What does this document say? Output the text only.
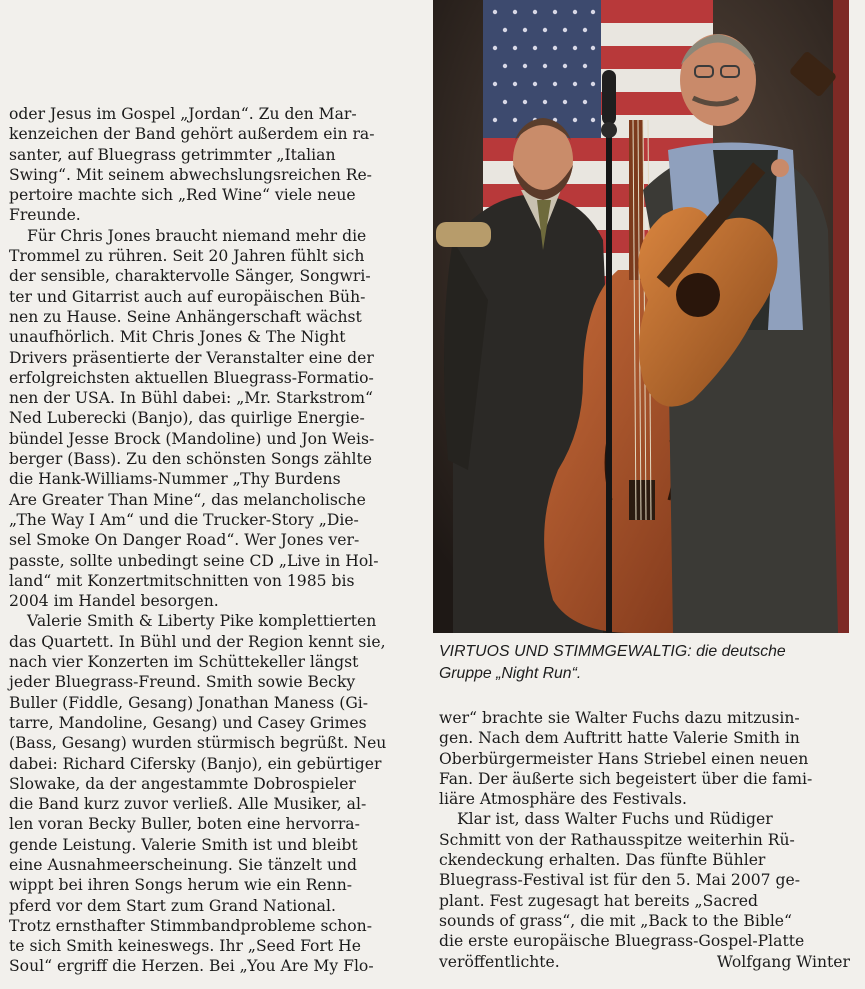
oder Jesus im Gospel „Jordan“. Zu den Mar-
kenzeichen der Band gehört außerdem ein ra-
santer, auf Bluegrass getrimmter „Italian
Swing“. Mit seinem abwechslungsreichen Re-
pertoire machte sich „Red Wine“ viele neue
Freunde.

Für Chris Jones braucht niemand mehr die
Trommel zu rühren. Seit 20 Jahren fühlt sich
der sensible, charaktervolle Sänger, Songwri-
ter und Gitarrist auch auf europäischen Büh-
nen zu Hause. Seine Anhängerschaft wächst
unaufhörlich. Mit Chris Jones & The Night
Drivers präsentierte der Veranstalter eine der
erfolgreichsten aktuellen Bluegrass-Formatio-
nen der USA. In Bühl dabei: „Mr. Starkstrom“
Ned Luberecki (Banjo), das quirlige Energie-
bündel Jesse Brock (Mandoline) und Jon Weis-
berger (Bass). Zu den schönsten Songs zählte
die Hank-Williams-Nummer „Thy Burdens
Are Greater Than Mine“, das melancholische
„The Way I Am“ und die Trucker-Story „Die-
sel Smoke On Danger Road“. Wer Jones ver-
passte, sollte unbedingt seine CD „Live in Hol-
land“ mit Konzertmitschnitten von 1985 bis
2004 im Handel besorgen.

Valerie Smith & Liberty Pike komplettierten
das Quartett. In Bühl und der Region kennt sie,
nach vier Konzerten im Schüttekeller längst
jeder Bluegrass-Freund. Smith sowie Becky
Buller (Fiddle, Gesang) Jonathan Maness (Gi-
tarre, Mandoline, Gesang) und Casey Grimes
(Bass, Gesang) wurden stürmisch begrüßt. Neu
dabei: Richard Cifersky (Banjo), ein gebürtiger
Slowake, da der angestammte Dobrospieler
die Band kurz zuvor verließ. Alle Musiker, al-
len voran Becky Buller, boten eine hervorra-
gende Leistung. Valerie Smith ist und bleibt
eine Ausnahmeerscheinung. Sie tänzelt und
wippt bei ihren Songs herum wie ein Renn-
pferd vor dem Start zum Grand National.
Trotz ernsthafter Stimmbandprobleme schon-
te sich Smith keineswegs. Ihr „Seed Fort He
Soul“ ergriff die Herzen. Bei „You Are My Flo-

VIRTUOS UND STIMMGEWALTIG: die deutsche
Gruppe „Night Run“.

wer“ brachte sie Walter Fuchs dazu mitzusin-
gen. Nach dem Auftritt hatte Valerie Smith in
Oberbürgermeister Hans Striebel einen neuen
Fan. Der äußerte sich begeistert über die fami-
liäre Atmosphäre des Festivals.

Klar ist, dass Walter Fuchs und Rüdiger
Schmitt von der Rathausspitze weiterhin Rü-
ckendeckung erhalten. Das fünfte Bühler
Bluegrass-Festival ist für den 5. Mai 2007 ge-
plant. Fest zugesagt hat bereits „Sacred
sounds of grass“, die mit „Back to the Bible“
die erste europäische Bluegrass-Gospel-Platte
veröffentlichte.	Wolfgang Winter
